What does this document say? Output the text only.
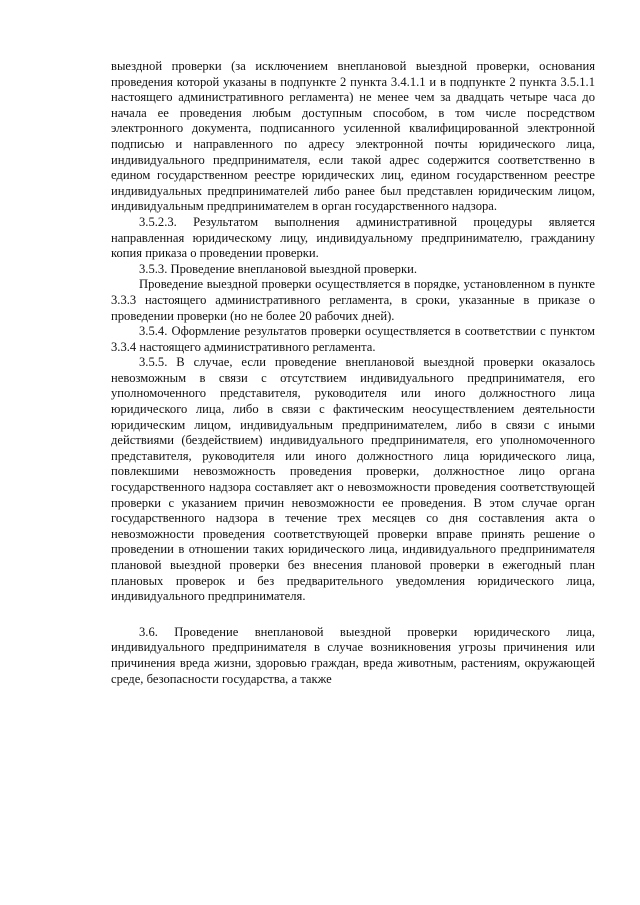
выездной проверки (за исключением внеплановой выездной проверки, основания проведения которой указаны в подпункте 2 пункта 3.4.1.1 и в подпункте 2 пункта 3.5.1.1 настоящего административного регламента) не менее чем за двадцать четыре часа до начала ее проведения любым доступным способом, в том числе посредством электронного документа, подписанного усиленной квалифицированной электронной подписью и направленного по адресу электронной почты юридического лица, индивидуального предпринимателя, если такой адрес содержится соответственно в едином государственном реестре юридических лиц, едином государственном реестре индивидуальных предпринимателей либо ранее был представлен юридическим лицом, индивидуальным предпринимателем в орган государственного надзора.

3.5.2.3. Результатом выполнения административной процедуры является направленная юридическому лицу, индивидуальному предпринимателю, гражданину копия приказа о проведении проверки.

3.5.3. Проведение внеплановой выездной проверки.

Проведение выездной проверки осуществляется в порядке, установленном в пункте 3.3.3 настоящего административного регламента, в сроки, указанные в приказе о проведении проверки (но не более 20 рабочих дней).

3.5.4. Оформление результатов проверки осуществляется в соответствии с пунктом 3.3.4 настоящего административного регламента.

3.5.5. В случае, если проведение внеплановой выездной проверки оказалось невозможным в связи с отсутствием индивидуального предпринимателя, его уполномоченного представителя, руководителя или иного должностного лица юридического лица, либо в связи с фактическим неосуществлением деятельности юридическим лицом, индивидуальным предпринимателем, либо в связи с иными действиями (бездействием) индивидуального предпринимателя, его уполномоченного представителя, руководителя или иного должностного лица юридического лица, повлекшими невозможность проведения проверки, должностное лицо органа государственного надзора составляет акт о невозможности проведения соответствующей проверки с указанием причин невозможности ее проведения. В этом случае орган государственного надзора в течение трех месяцев со дня составления акта о невозможности проведения соответствующей проверки вправе принять решение о проведении в отношении таких юридического лица, индивидуального предпринимателя плановой выездной проверки без внесения плановой проверки в ежегодный план плановых проверок и без предварительного уведомления юридического лица, индивидуального предпринимателя.

3.6. Проведение внеплановой выездной проверки юридического лица, индивидуального предпринимателя в случае возникновения угрозы причинения или причинения вреда жизни, здоровью граждан, вреда животным, растениям, окружающей среде, безопасности государства, а также
